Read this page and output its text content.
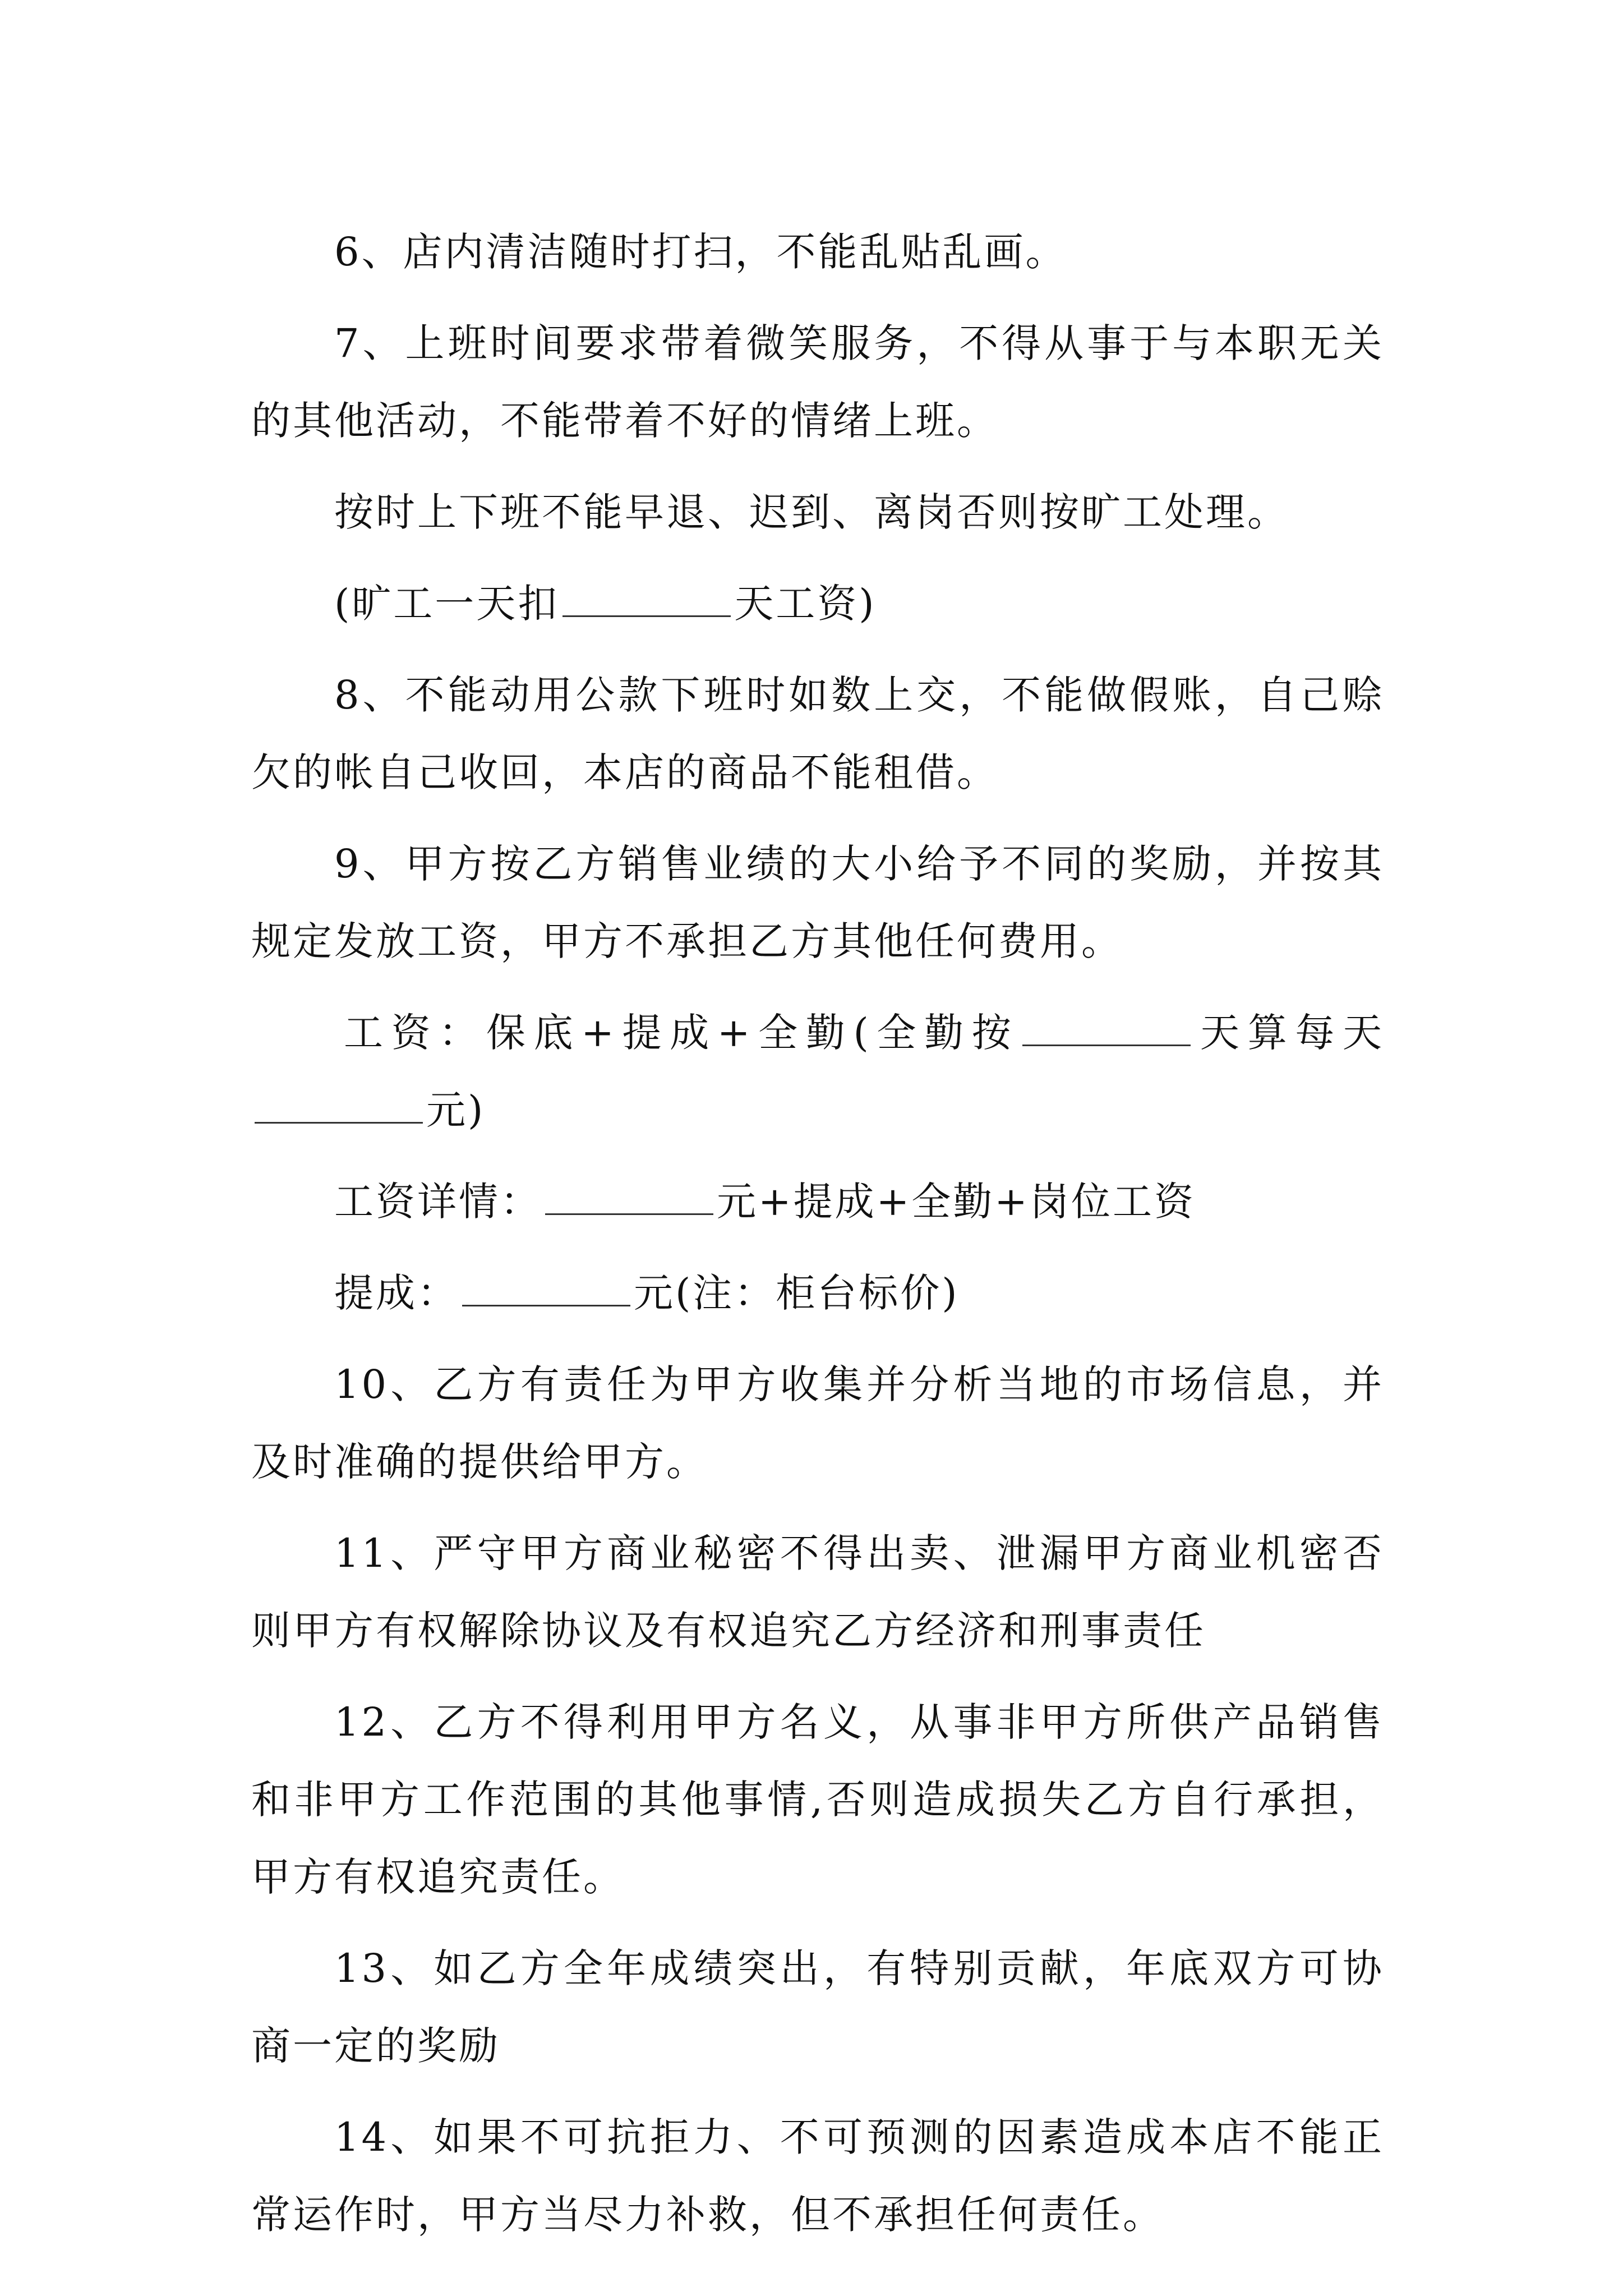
6、店内清洁随时打扫，不能乱贴乱画。

7、上班时间要求带着微笑服务，不得从事于与本职无关的其他活动，不能带着不好的情绪上班。

按时上下班不能早退、迟到、离岗否则按旷工处理。

(旷工一天扣	天工资)

8、不能动用公款下班时如数上交，不能做假账，自己赊欠的帐自己收回，本店的商品不能租借。

9、甲方按乙方销售业绩的大小给予不同的奖励，并按其规定发放工资，甲方不承担乙方其他任何费用。

工资：保底+提成+全勤(全勤按	天算每天元)

工资详情：	元+提成+全勤+岗位工资

提成：	元(注：柜台标价)

10、乙方有责任为甲方收集并分析当地的市场信息，并及时准确的提供给甲方。

11、严守甲方商业秘密不得出卖、泄漏甲方商业机密否则甲方有权解除协议及有权追究乙方经济和刑事责任

12、乙方不得利用甲方名义，从事非甲方所供产品销售和非甲方工作范围的其他事情,否则造成损失乙方自行承担，甲方有权追究责任。

13、如乙方全年成绩突出，有特别贡献，年底双方可协商一定的奖励

14、如果不可抗拒力、不可预测的因素造成本店不能正常运作时，甲方当尽力补救，但不承担任何责任。
